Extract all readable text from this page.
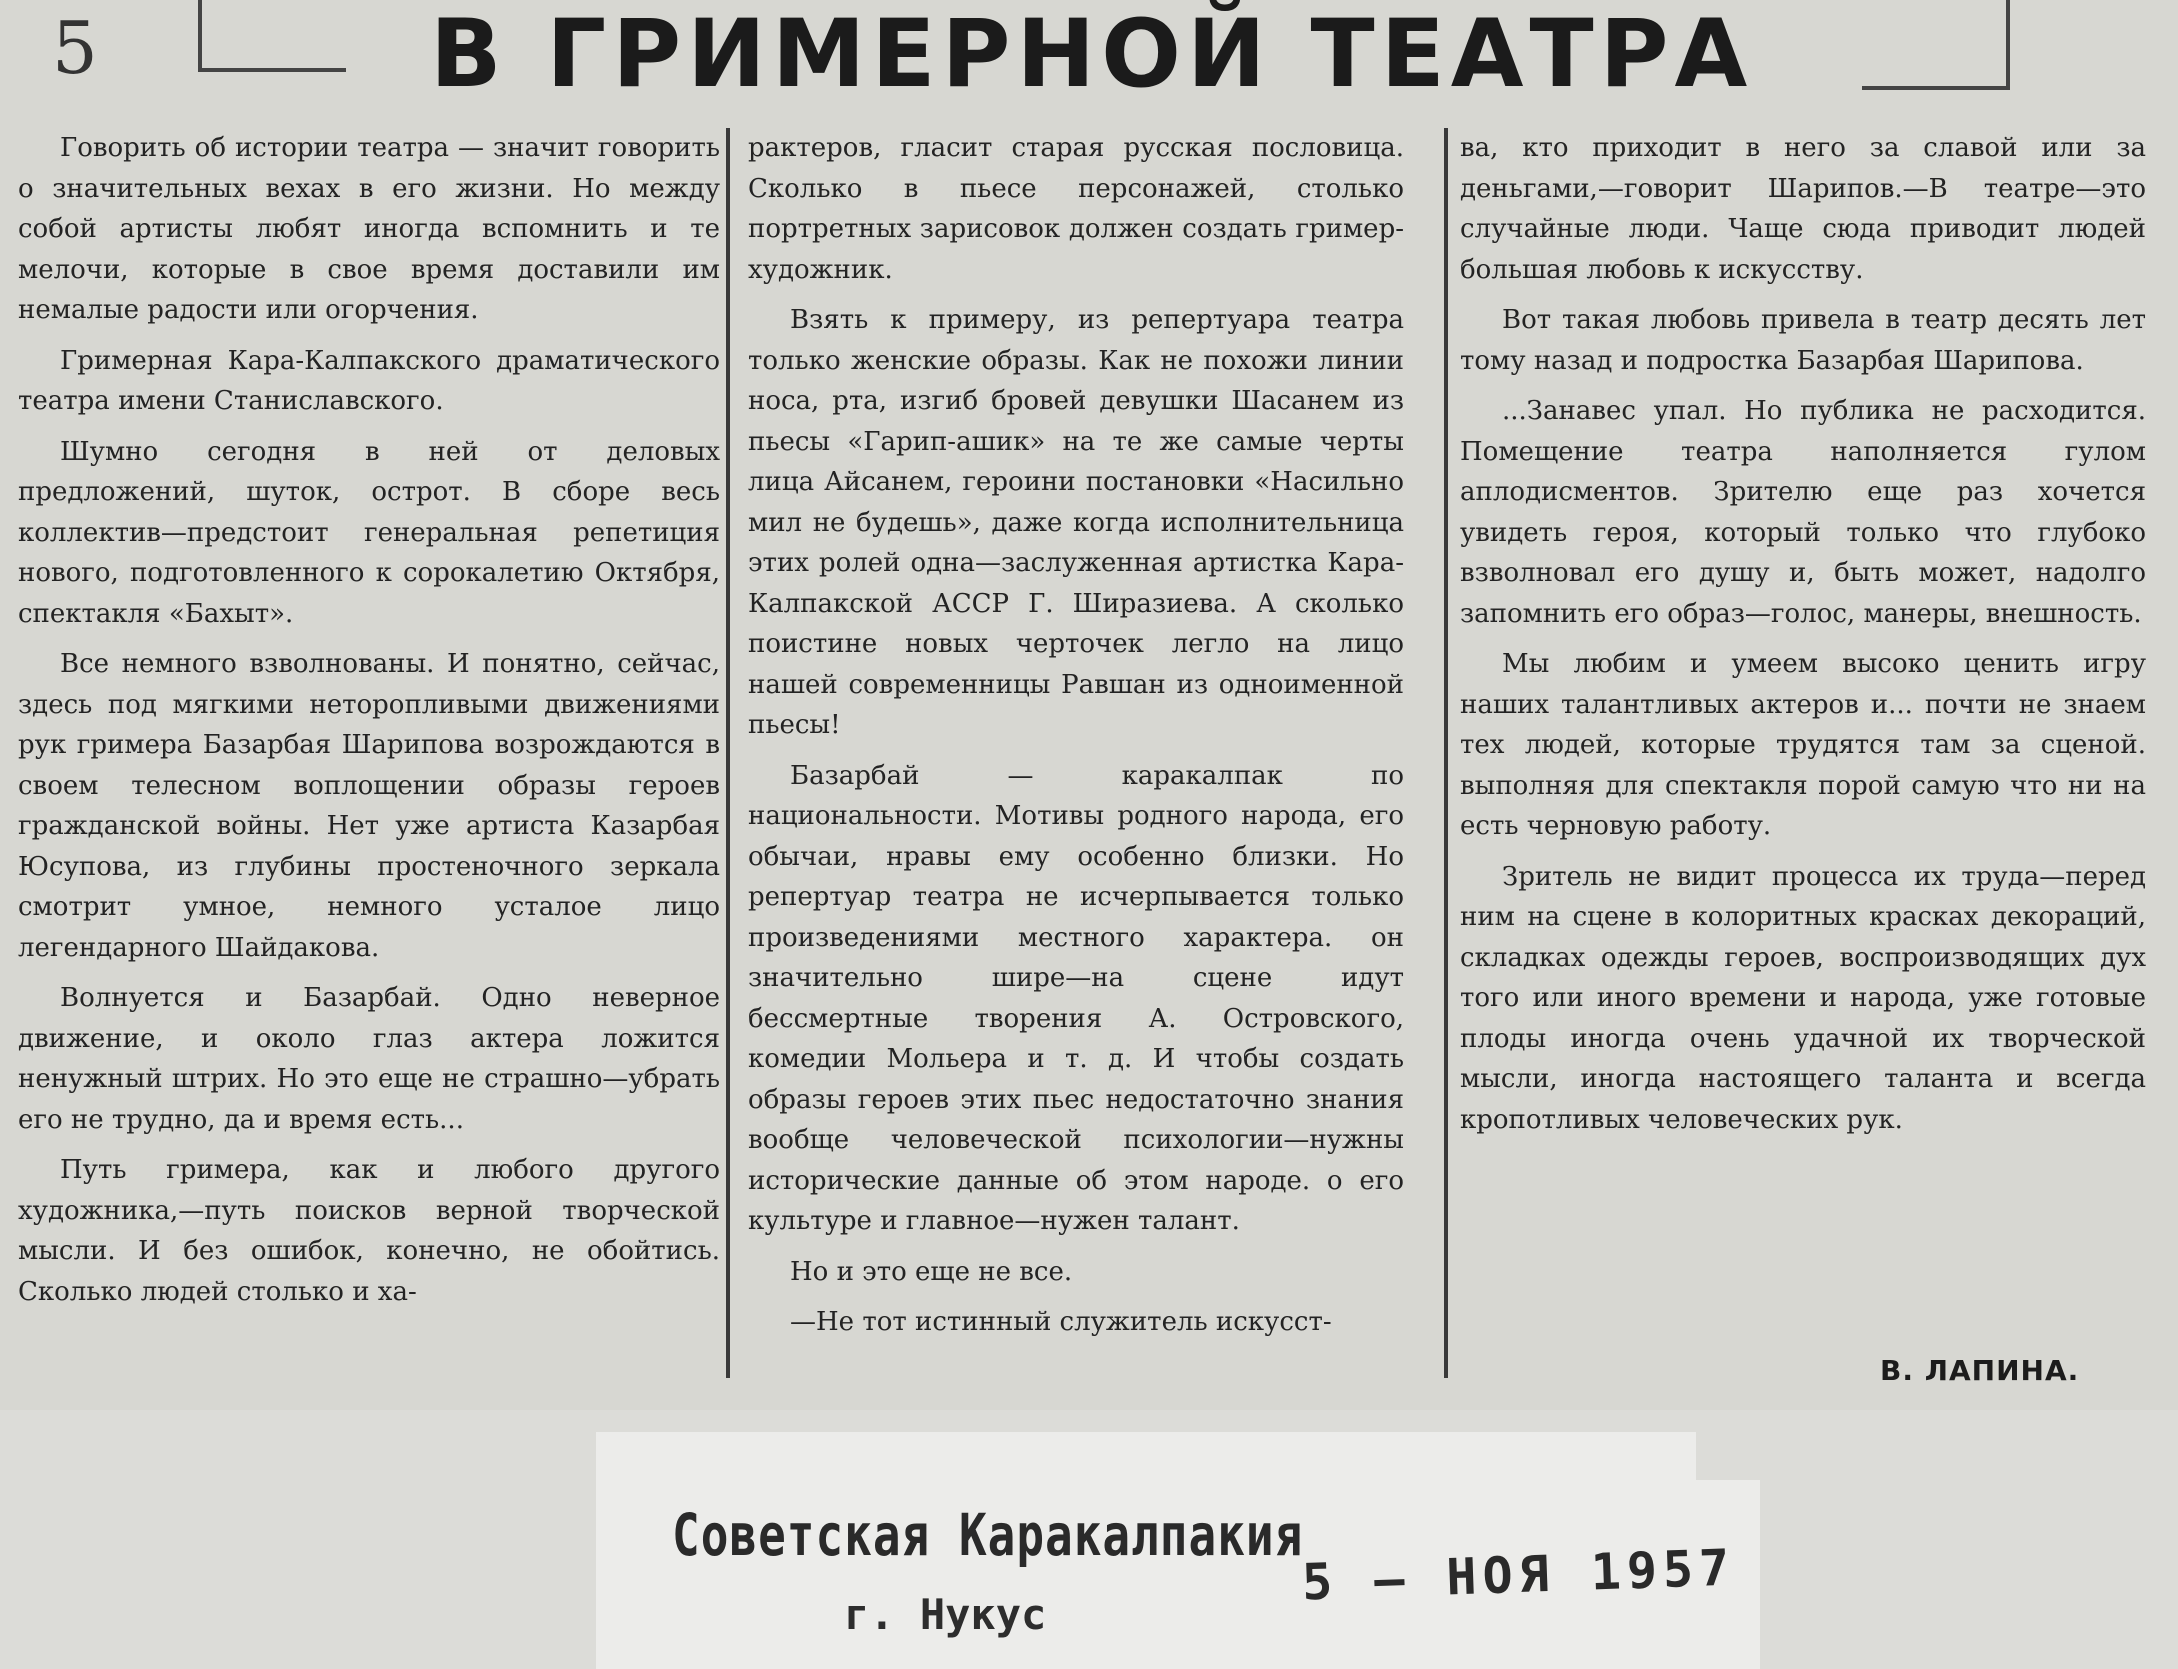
5	В ГРИМЕРНОЙ ТЕАТРА

Говорить об истории театра — значит говорить о значительных вехах в его жизни. Но между собой артисты любят иногда вспомнить и те мелочи, которые в свое время доставили им немалые радости или огорчения.

Гримерная Кара-Калпакского драматического театра имени Станиславского.

Шумно сегодня в ней от деловых предложений, шуток, острот. В сборе весь коллектив—предстоит генеральная репетиция нового, подготовленного к сорокалетию Октября, спектакля «Бахыт».

Все немного взволнованы. И понятно, сейчас, здесь под мягкими неторопливыми движениями рук гримера Базарбая Шарипова возрождаются в своем телесном воплощении образы героев гражданской войны. Нет уже артиста Казарбая Юсупова, из глубины простеночного зеркала смотрит умное, немного усталое лицо легендарного Шайдакова.

Волнуется и Базарбай. Одно неверное движение, и около глаз актера ложится ненужный штрих. Но это еще не страшно—убрать его не трудно, да и время есть...

Путь гримера, как и любого другого художника,—путь поисков верной творческой мысли. И без ошибок, конечно, не обойтись. Сколько людей столько и ха-

рактеров, гласит старая русская пословица. Сколько в пьесе персонажей, столько портретных зарисовок должен создать гример-художник.

Взять к примеру, из репертуара театра только женские образы. Как не похожи линии носа, рта, изгиб бровей девушки Шасанем из пьесы «Гарип-ашик» на те же самые черты лица Айсанем, героини постановки «Насильно мил не будешь», даже когда исполнительница этих ролей одна—заслуженная артистка Кара-Калпакской АССР Г. Ширазиева. А сколько поистине новых черточек легло на лицо нашей современницы Равшан из одноименной пьесы!

Базарбай — каракалпак по национальности. Мотивы родного народа, его обычаи, нравы ему особенно близки. Но репертуар театра не исчерпывается только произведениями местного характера. он значительно шире—на сцене идут бессмертные творения А. Островского, комедии Мольера и т. д. И чтобы создать образы героев этих пьес недостаточно знания вообще человеческой психологии—нужны исторические данные об этом народе. о его культуре и главное—нужен талант.

Но и это еще не все.

—Не тот истинный служитель искусст-

ва, кто приходит в него за славой или за деньгами,—говорит Шарипов.—В театре—это случайные люди. Чаще сюда приводит людей большая любовь к искусству.

Вот такая любовь привела в театр десять лет тому назад и подростка Базарбая Шарипова.

...Занавес упал. Но публика не расходится. Помещение театра наполняется гулом аплодисментов. Зрителю еще раз хочется увидеть героя, который только что глубоко взволновал его душу и, быть может, надолго запомнить его образ—голос, манеры, внешность.

Мы любим и умеем высоко ценить игру наших талантливых актеров и... почти не знаем тех людей, которые трудятся там за сценой. выполняя для спектакля порой самую что ни на есть черновую работу.

Зритель не видит процесса их труда—перед ним на сцене в колоритных красках декораций, складках одежды героев, воспроизводящих дух того или иного времени и народа, уже готовые плоды иногда очень удачной их творческой мысли, иногда настоящего таланта и всегда кропотливых человеческих рук.

В. ЛАПИНА.
Советская Каракалпакия
г. Нукус
5 — НОЯ 1957
